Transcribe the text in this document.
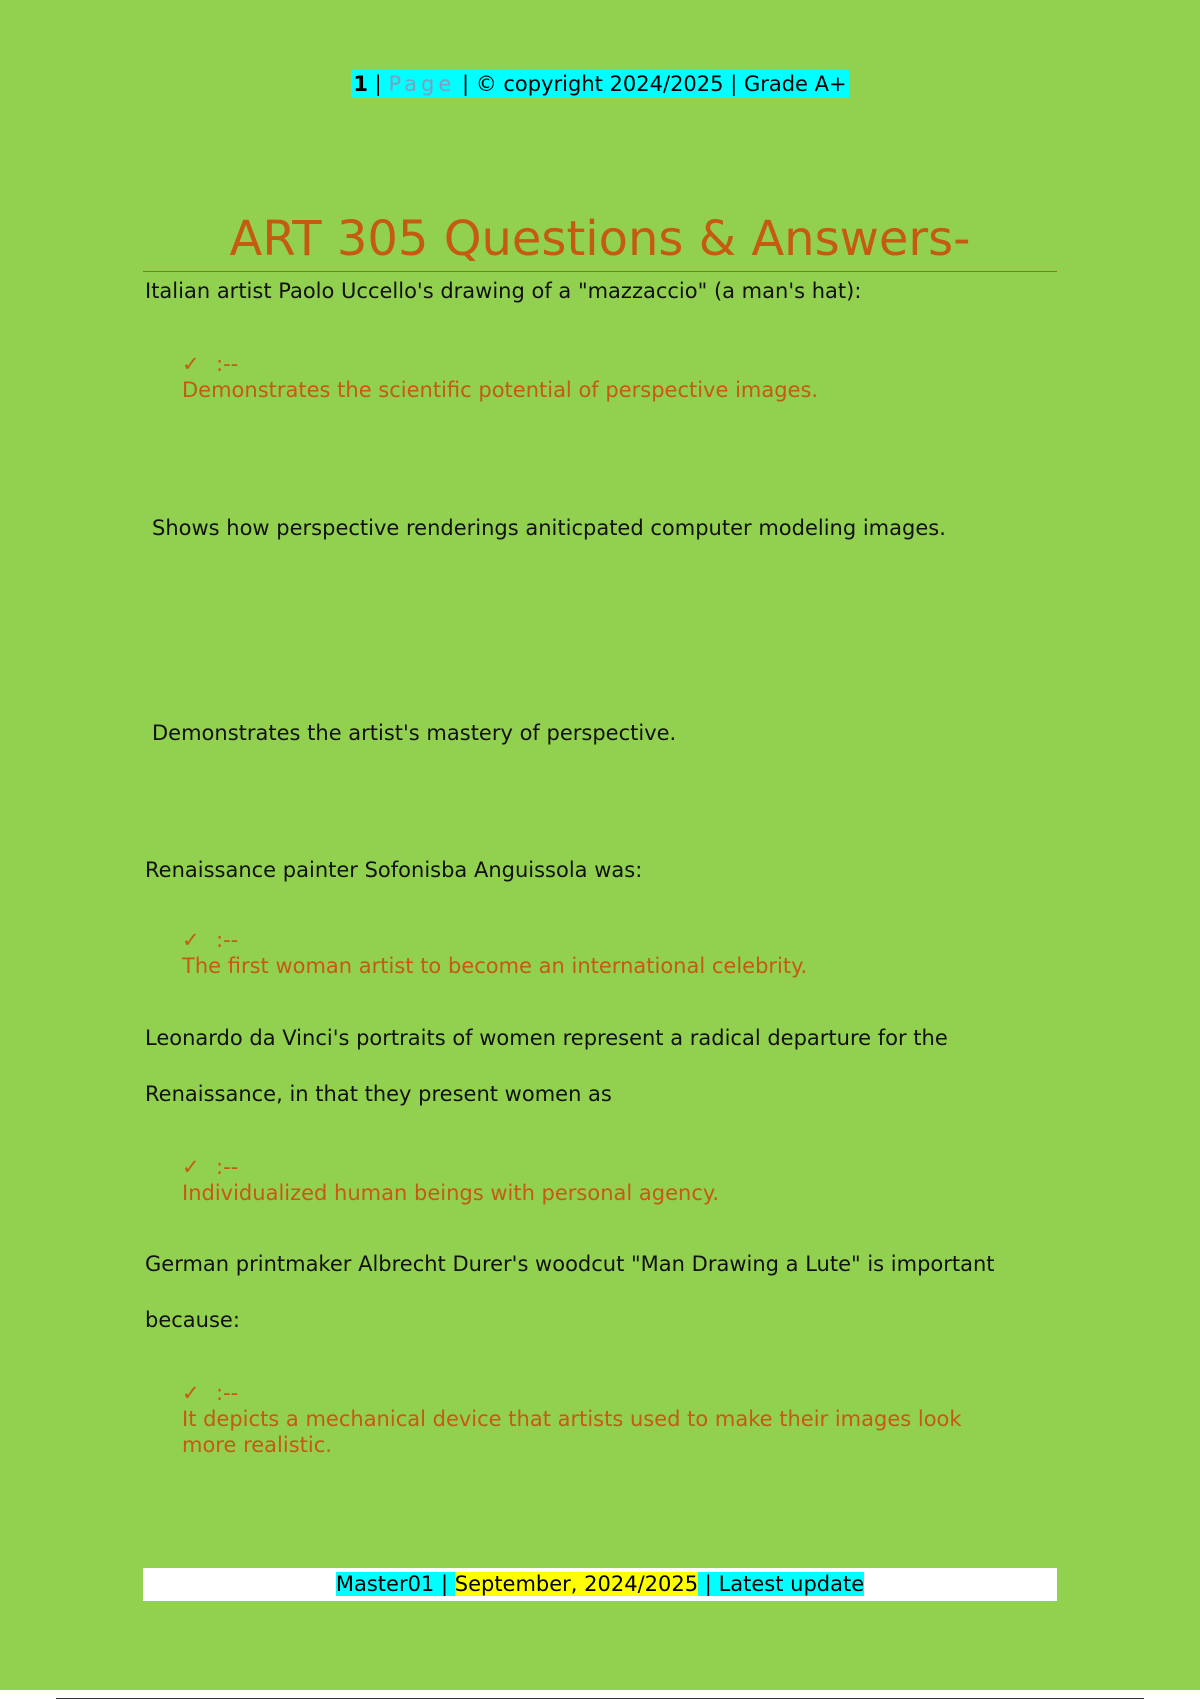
1 | Page | © copyright 2024/2025 | Grade A+
ART 305 Questions & Answers-
Italian artist Paolo Uccello's drawing of a "mazzaccio" (a man's hat):
✓ :--Demonstrates the scientific potential of perspective images.
Shows how perspective renderings aniticpated computer modeling images.
Demonstrates the artist's mastery of perspective.
Renaissance painter Sofonisba Anguissola was:
✓ :--The first woman artist to become an international celebrity.
Leonardo da Vinci's portraits of women represent a radical departure for the Renaissance, in that they present women as
✓ :--Individualized human beings with personal agency.
German printmaker Albrecht Durer's woodcut "Man Drawing a Lute" is important because:
✓ :--It depicts a mechanical device that artists used to make their images look more realistic.
Master01 | September, 2024/2025 | Latest update
